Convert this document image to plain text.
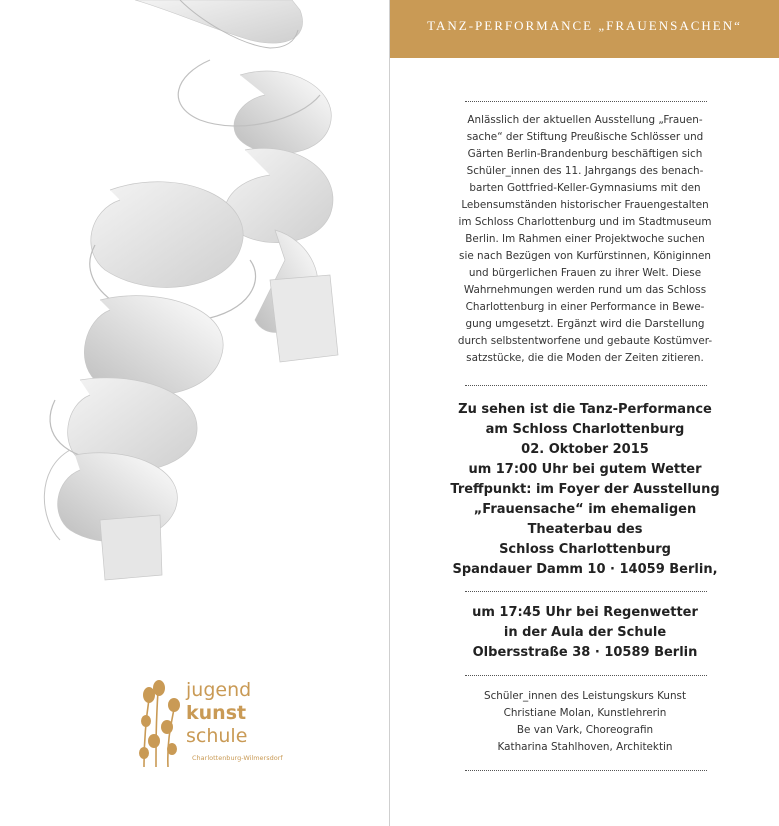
jugend
kunst
schule
Charlottenburg-Wilmersdorf
TANZ-PERFORMANCE „FRAUENSACHEN“
Anlässlich der aktuellen Ausstellung „Frauen-
sache“ der Stiftung Preußische Schlösser und
Gärten Berlin-Brandenburg beschäftigen sich
Schüler_innen des 11. Jahrgangs des benach-
barten Gottfried-Keller-Gymnasiums mit den
Lebensumständen historischer Frauengestalten
im Schloss Charlottenburg und im Stadtmuseum
Berlin. Im Rahmen einer Projektwoche suchen
sie nach Bezügen von Kurfürstinnen, Königinnen
und bürgerlichen Frauen zu ihrer Welt. Diese
Wahrnehmungen werden rund um das Schloss
Charlottenburg in einer Performance in Bewe-
gung umgesetzt. Ergänzt wird die Darstellung
durch selbstentworfene und gebaute Kostümver-
satzstücke, die die Moden der Zeiten zitieren.
Zu sehen ist die Tanz-Performance
am Schloss Charlottenburg
02. Oktober 2015
um 17:00 Uhr bei gutem Wetter
Treffpunkt: im Foyer der Ausstellung
„Frauensache“ im ehemaligen
Theaterbau des
Schloss Charlottenburg
Spandauer Damm 10 · 14059 Berlin,
um 17:45 Uhr bei Regenwetter
in der Aula der Schule
Olbersstraße 38 · 10589 Berlin
Schüler_innen des Leistungskurs Kunst
Christiane Molan, Kunstlehrerin
Be van Vark, Choreografin
Katharina Stahlhoven, Architektin
